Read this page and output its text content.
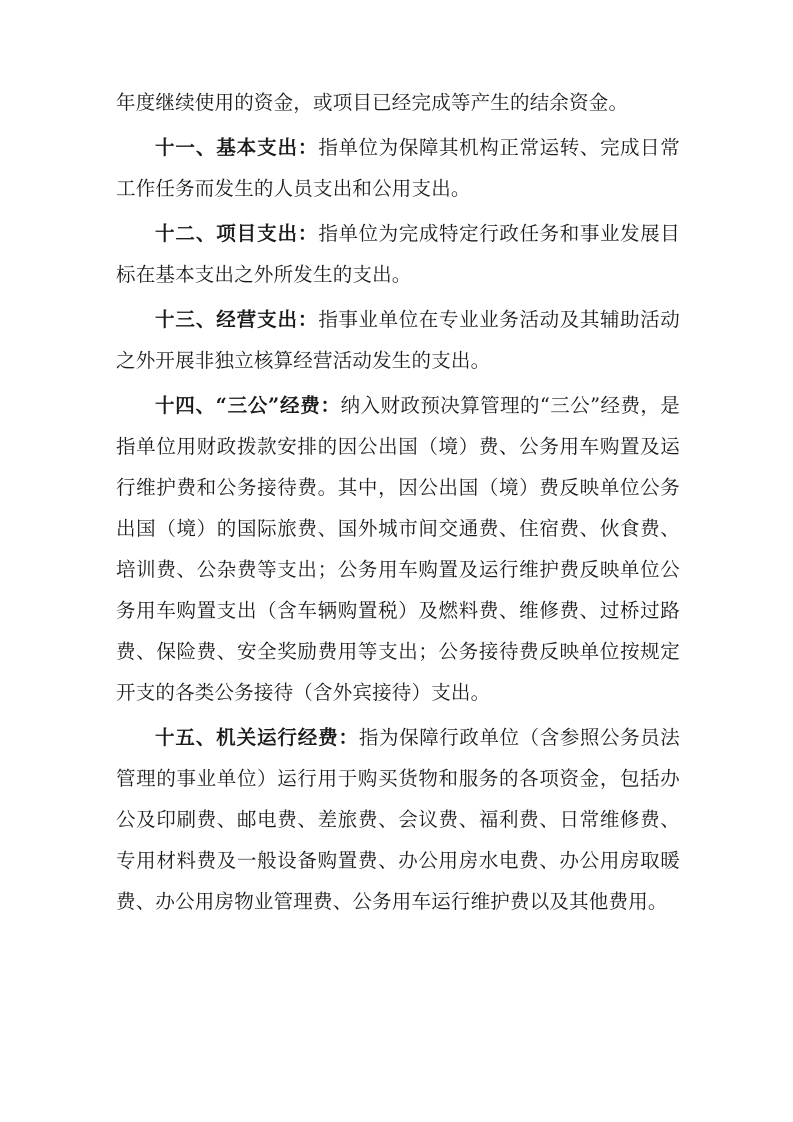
年度继续使用的资金，或项目已经完成等产生的结余资金。

十一、基本支出：指单位为保障其机构正常运转、完成日常工作任务而发生的人员支出和公用支出。

十二、项目支出：指单位为完成特定行政任务和事业发展目标在基本支出之外所发生的支出。

十三、经营支出：指事业单位在专业业务活动及其辅助活动之外开展非独立核算经营活动发生的支出。

十四、“三公”经费：纳入财政预决算管理的“三公”经费，是指单位用财政拨款安排的因公出国（境）费、公务用车购置及运行维护费和公务接待费。其中，因公出国（境）费反映单位公务出国（境）的国际旅费、国外城市间交通费、住宿费、伙食费、培训费、公杂费等支出；公务用车购置及运行维护费反映单位公务用车购置支出（含车辆购置税）及燃料费、维修费、过桥过路费、保险费、安全奖励费用等支出；公务接待费反映单位按规定开支的各类公务接待（含外宾接待）支出。

十五、机关运行经费：指为保障行政单位（含参照公务员法管理的事业单位）运行用于购买货物和服务的各项资金，包括办公及印刷费、邮电费、差旅费、会议费、福利费、日常维修费、专用材料费及一般设备购置费、办公用房水电费、办公用房取暖费、办公用房物业管理费、公务用车运行维护费以及其他费用。
